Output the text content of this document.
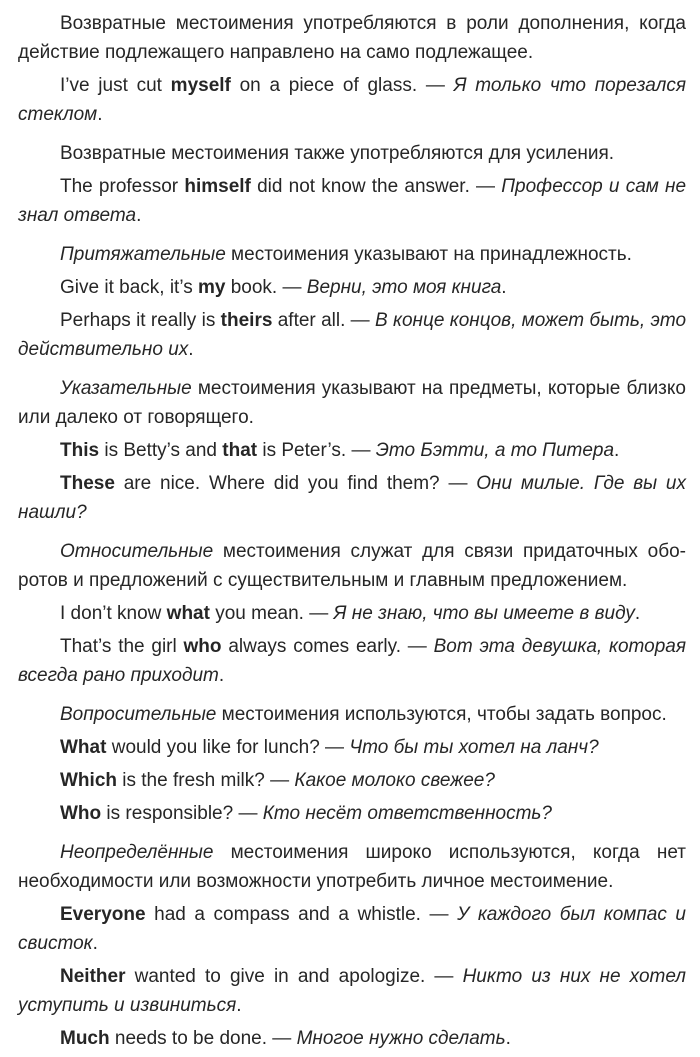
Возвратные местоимения употребляются в роли дополнения, когда действие подлежащего направлено на само подлежащее.

I’ve just cut myself on a piece of glass. — Я только что порезался стеклом.

Возвратные местоимения также употребляются для усиления.

The professor himself did not know the answer. — Профессор и сам не знал ответа.

Притяжательные местоимения указывают на принадлежность.

Give it back, it’s my book. — Верни, это моя книга.

Perhaps it really is theirs after all. — В конце концов, может быть, это действительно их.

Указательные местоимения указывают на предметы, которые близко или далеко от говорящего.

This is Betty’s and that is Peter’s. — Это Бэтти, а то Питера.

These are nice. Where did you find them? — Они милые. Где вы их нашли?

Относительные местоимения служат для связи придаточных оборотов и предложений с существительным и главным предложением.

I don’t know what you mean. — Я не знаю, что вы имеете в виду.

That’s the girl who always comes early. — Вот эта девушка, которая всегда рано приходит.

Вопросительные местоимения используются, чтобы задать вопрос.

What would you like for lunch? — Что бы ты хотел на ланч?

Which is the fresh milk? — Какое молоко свежее?

Who is responsible? — Кто несёт ответственность?

Неопределённые местоимения широко используются, когда нет необходимости или возможности употребить личное местоимение.

Everyone had a compass and a whistle. — У каждого был компас и свисток.

Neither wanted to give in and apologize. — Никто из них не хотел уступить и извиниться.

Much needs to be done. — Многое нужно сделать.
